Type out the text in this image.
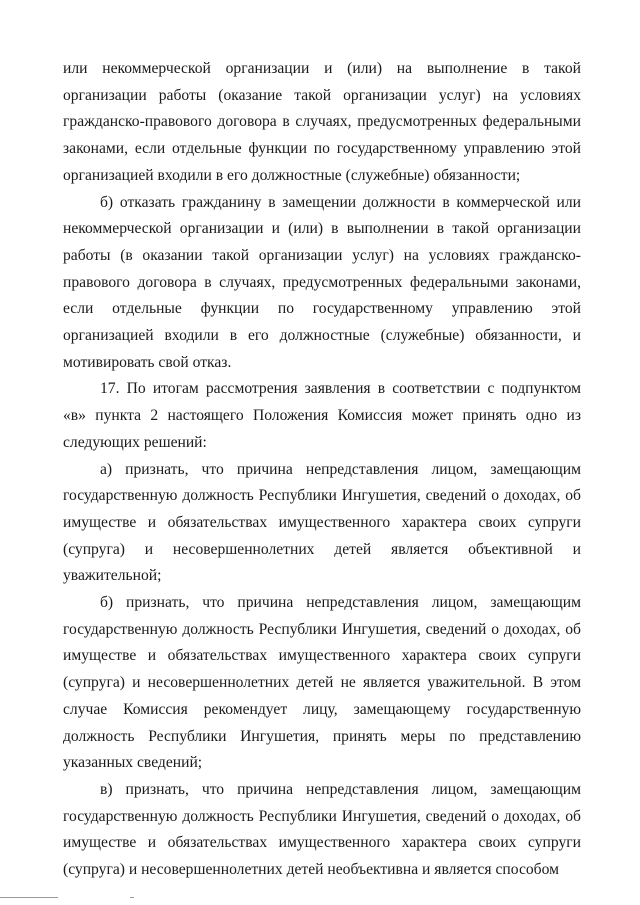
или некоммерческой организации и (или) на выполнение в такой организации работы (оказание такой организации услуг) на условиях гражданско-правового договора в случаях, предусмотренных федеральными законами, если отдельные функции по государственному управлению этой организацией входили в его должностные (служебные) обязанности;

б) отказать гражданину в замещении должности в коммерческой или некоммерческой организации и (или) в выполнении в такой организации работы (в оказании такой организации услуг) на условиях гражданско-правового договора в случаях, предусмотренных федеральными законами, если отдельные функции по государственному управлению этой организацией входили в его должностные (служебные) обязанности, и мотивировать свой отказ.

17. По итогам рассмотрения заявления в соответствии с подпунктом «в» пункта 2 настоящего Положения Комиссия может принять одно из следующих решений:

а) признать, что причина непредставления лицом, замещающим государственную должность Республики Ингушетия, сведений о доходах, об имуществе и обязательствах имущественного характера своих супруги (супруга) и несовершеннолетних детей является объективной и уважительной;

б) признать, что причина непредставления лицом, замещающим государственную должность Республики Ингушетия, сведений о доходах, об имуществе и обязательствах имущественного характера своих супруги (супруга) и несовершеннолетних детей не является уважительной. В этом случае Комиссия рекомендует лицу, замещающему государственную должность Республики Ингушетия, принять меры по представлению указанных сведений;

в) признать, что причина непредставления лицом, замещающим государственную должность Республики Ингушетия, сведений о доходах, об имуществе и обязательствах имущественного характера своих супруги (супруга) и несовершеннолетних детей необъективна и является способом
